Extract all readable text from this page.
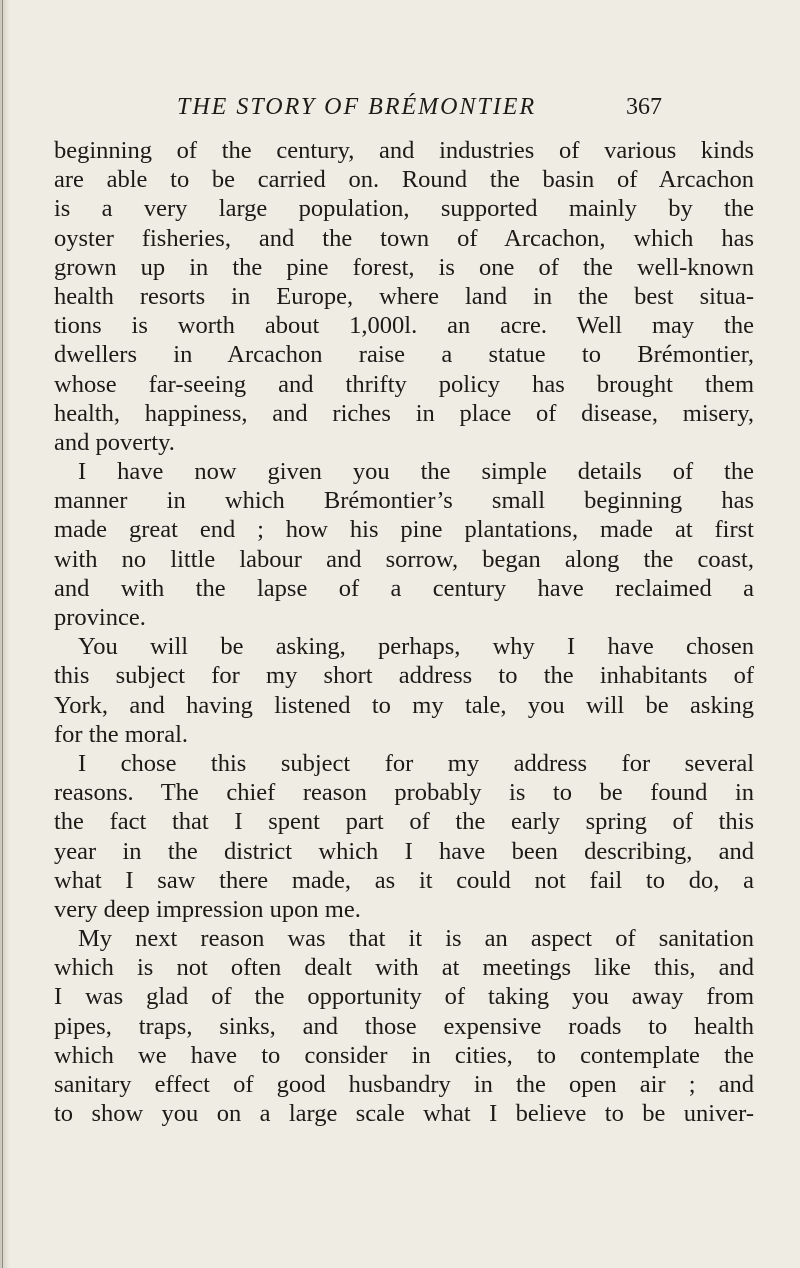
THE STORY OF BRÉMONTIER	367

beginning of the century, and industries of various kinds
are able to be carried on. Round the basin of Arcachon
is a very large population, supported mainly by the
oyster fisheries, and the town of Arcachon, which has
grown up in the pine forest, is one of the well-known
health resorts in Europe, where land in the best situa-
tions is worth about 1,000l. an acre. Well may the
dwellers in Arcachon raise a statue to Brémontier,
whose far-seeing and thrifty policy has brought them
health, happiness, and riches in place of disease, misery,
and poverty.

I have now given you the simple details of the
manner in which Brémontier’s small beginning has
made great end ; how his pine plantations, made at first
with no little labour and sorrow, began along the coast,
and with the lapse of a century have reclaimed a
province.

You will be asking, perhaps, why I have chosen
this subject for my short address to the inhabitants of
York, and having listened to my tale, you will be asking
for the moral.

I chose this subject for my address for several
reasons. The chief reason probably is to be found in
the fact that I spent part of the early spring of this
year in the district which I have been describing, and
what I saw there made, as it could not fail to do, a
very deep impression upon me.

My next reason was that it is an aspect of sanitation
which is not often dealt with at meetings like this, and
I was glad of the opportunity of taking you away from
pipes, traps, sinks, and those expensive roads to health
which we have to consider in cities, to contemplate the
sanitary effect of good husbandry in the open air ; and
to show you on a large scale what I believe to be univer-
